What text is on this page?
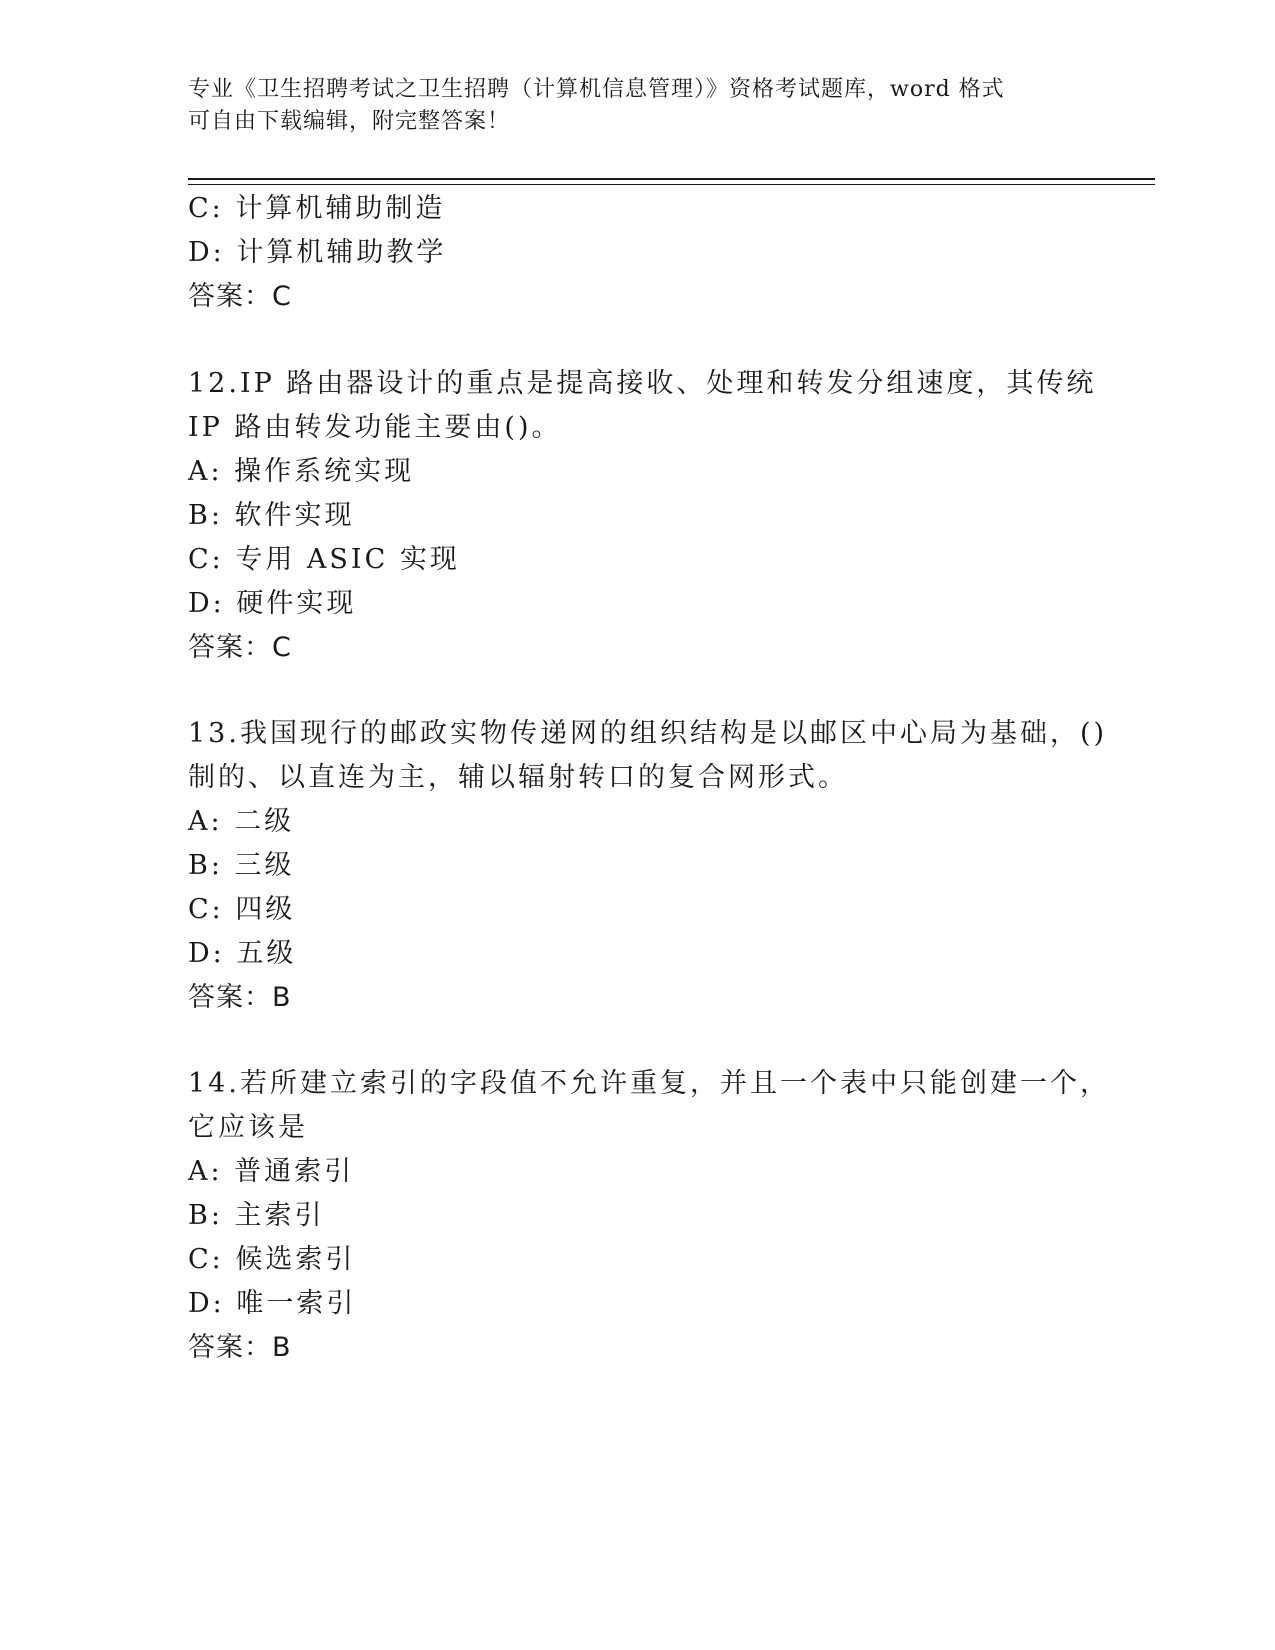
专业《卫生招聘考试之卫生招聘（计算机信息管理）》资格考试题库，word 格式
可自由下载编辑，附完整答案！
C: 计算机辅助制造
D: 计算机辅助教学
答案：C
12.IP 路由器设计的重点是提高接收、处理和转发分组速度，其传统
IP 路由转发功能主要由()。
A: 操作系统实现
B: 软件实现
C: 专用 ASIC 实现
D: 硬件实现
答案：C
13.我国现行的邮政实物传递网的组织结构是以邮区中心局为基础，()
制的、以直连为主，辅以辐射转口的复合网形式。
A: 二级
B: 三级
C: 四级
D: 五级
答案：B
14.若所建立索引的字段值不允许重复，并且一个表中只能创建一个，
它应该是
A: 普通索引
B: 主索引
C: 候选索引
D: 唯一索引
答案：B
